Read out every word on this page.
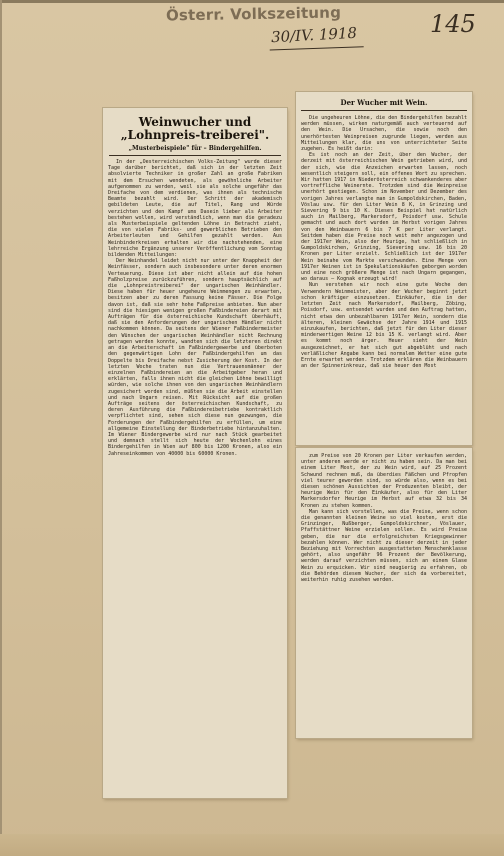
Österr. Volkszeitung
30/IV. 1918	145
Weinwucher und „Lohnpreis-treiberei".
„Musterbeispiele" für – Bindergehilfen.

In der „Oesterreichischen Volks-Zeitung" wurde dieser Tage darüber berichtet, daß sich in der letzten Zeit absolvierte Techniker in großer Zahl an große Fabriken mit dem Ersuchen wendeten, als gewöhnliche Arbeiter aufgenommen zu werden, weil sie als solche ungefähr das Dreifache von dem verdienen, was ihnen als technische Beamte bezahlt wird. Der Schritt der akademisch gebildeten Leute, die auf Titel, Rang und Würde verzichten und den Kampf ums Dasein lieber als Arbeiter bestehen wollen, wird verständlich, wenn man die geradezu als Musterbeispiele geltenden Löhne in Betracht zieht, die von vielen Fabriks- und gewerblichen Betrieben den Arbeiterleuten und Gehilfen gezahlt werden. Aus Weinbinderkreisen erhalten wir die nachstehenden, eine lehrreiche Ergänzung unserer Veröffentlichung vom Sonntag bildenden Mitteilungen:

Der Weinhandel leidet nicht nur unter der Knappheit der Weinfässer, sondern auch insbesondere unter deren enormen Verteuerung. Diese ist aber nicht allein auf die hohen Faßholzpreise zurückzuführen, sondern hauptsächlich auf die „Lohnpreistreiberei" der ungarischen Weinhändler. Diese haben für heuer ungeheure Weinmengen zu erwarten, besitzen aber zu deren Fassung keine Fässer. Die Folge davon ist, daß sie sehr hohe Faßpreise anbieten. Nun aber sind die hiesigen wenigen großen Faßbindereien derart mit Aufträgen für die österreichische Kundschaft überhäuft, daß sie den Anforderungen der ungarischen Händler nicht nachkommen können. Da seitens der Wiener Faßbindermeister den Wünschen der ungarischen Weinhändler nicht Rechnung getragen werden konnte, wandten sich die letzteren direkt an die Arbeiterschaft im Faßbindergewerbe und überboten den gegenwärtigen Lohn der Faßbindergehilfen um das Doppelte bis Dreifache nebst Zusicherung der Kost. In der letzten Woche traten nun die Vertrauensmänner der einzelnen Faßbindereien an die Arbeitgeber heran und erklärten, falls ihnen nicht die gleichen Löhne bewilligt würden, wie solche ihnen von den ungarischen Weinhändlern zugesichert worden sind, müßten sie die Arbeit einstellen und nach Ungarn reisen. Mit Rücksicht auf die großen Aufträge seitens der österreichischen Kundschaft, zu deren Ausführung die Faßbindereibetriebe kontraktlich verpflichtet sind, sehen sich diese nun gezwungen, die Forderungen der Faßbindergehilfen zu erfüllen, um eine allgemeine Einstellung der Binderbetriebe hintanzuhalten. Im Wiener Bindergewerbe wird nur nach Stück gearbeitet und demnach stellt sich heute der Wochenlohn eines Bindergehilfen in Wien auf 800 bis 1200 Kronen, also ein Jahreseinkommen von 40000 bis 60000 Kronen.

Der Wucher mit Wein.

Die ungeheuren Löhne, die den Bindergehilfen bezahlt werden müssen, wirken naturgemäß auch verteuernd auf den Wein. Die Ursachen, die sowie noch den unerhörtesten Weinpreisen zugrunde liegen, werden aus Mitteilungen klar, die uns von unterrichteter Seite zugehen. Es heißt darin:

Es ist noch an der Zeit, über den Wucher, der derzeit mit österreichischen Wein getrieben wird, und der sich, wie die Anzeichen erwarten lassen, noch wesentlich steigern soll, ein offenes Wort zu sprechen. Wir hatten 1917 in Niederösterreich schwankenderes aber vortreffliche Weinernte. Trotzdem sind die Weinpreise unerhört gestiegen. Schon im November und Dezember des vorigen Jahres verlangte man in Gumpoldskirchen, Baden, Vöslau usw. für den Liter Wein 8 K, in Grinzing und Sievering 9 bis 10 K. Dieses Beispiel hat natürlich auch in Mailberg, Markersdorf, Poisdorf usw. Schule gemacht und auch dort wurden im Herbst vorigen Jahres von den Weinbauern 6 bis 7 K per Liter verlangt. Seitdem haben die Preise noch weit mehr angezogen und der 1917er Wein, also der Heurige, hat schließlich in Gumpoldskirchen, Grinzing, Sievering usw. 16 bis 20 Kronen per Liter erzielt. Schließlich ist der 1917er Wein beinahe vom Markte verschwunden. Eine Menge von 1917er Weinen ist in Spekulationskäufen geborgen worden und eine noch größere Menge ist nach Ungarn gegangen, wo daraus – Kognak erzeugt wird!

Nun verstehen wir noch eine gute Woche den Verwendern Weinmeister, aber der Wucher beginnt jetzt schon kräftiger einzusetzen. Einkäufer, die in der letzten Zeit nach Markersdorf, Mailberg, Zöbing, Poisdorf, usw. entsendet wurden und den Auftrag hatten, nicht etwa den unbezahlbaren 1917er Wein, sondern die älteren, kleinen Gewächse der Jahre 1914 und 1915 einzukaufen, berichten, daß jetzt für den Liter dieser minderwertigen Weine 12 bis 15 K. verlangt wird. Aber es kommt noch ärger. Heuer sieht der Wein ausgezeichnet, er hat sich gut abgeblüht und nach verläßlicher Angabe kann bei normalem Wetter eine gute Ernte erwartet werden. Trotzdem erklären die Weinbauern an der Spinnerinkreuz, daß sie heuer den Most

zum Preise von 20 Kronen per Liter verkaufen werden, unter anderen werde er nicht zu haben sein. Da man bei einem Liter Most, der zu Wein wird, auf 25 Prozent Schwund rechnen muß, da überdies Fäßchen und Pfropfen viel teurer geworden sind, so würde also, wenn es bei diesen schönen Aussichten der Produzenten bleibt, der heurige Wein für den Einkäufer, also für den Liter Markersdorfer Heurige im Herbst auf etwa 32 bis 34 Kronen zu stehen kommen.

Man kann sich vorstellen, was die Preise, wenn schon die genannten kleinen Weine so viel kosten, erst die Grinzinger, Nußberger, Gumpoldskirchner, Vöslauer, Pfaffstättner Weine erzielen sollen. Es wird Preise geben, die nur die erfolgreichsten Kriegsgewinner bezahlen können. Wer nicht zu dieser derzeit in jeder Beziehung mit Vorrechten ausgestatteten Menschenklasse gehört, also ungefähr 96 Prozent der Bevölkerung, werden darauf verzichten müssen, sich an einem Glase Wein zu erquicken. Wir sind neugierig zu erfahren, ob die Behörden diesem Wucher, der sich da vorbereitet, weiterhin ruhig zusehen werden.
